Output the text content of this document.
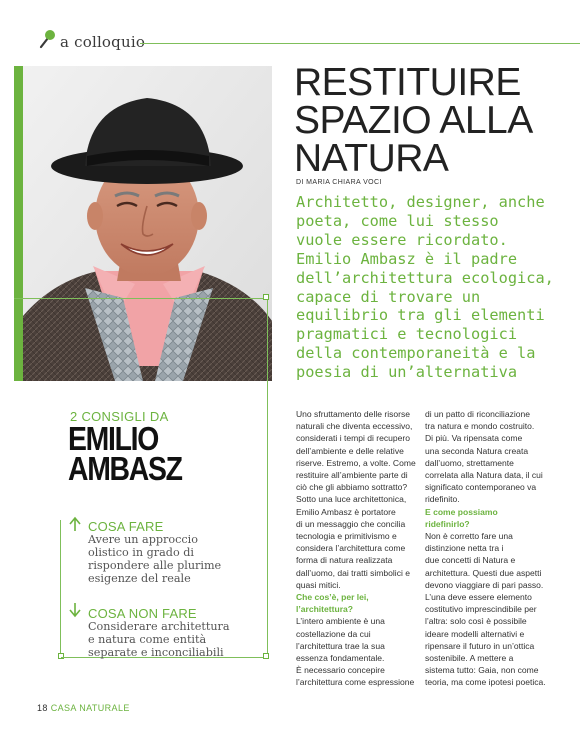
a colloquio
RESTITUIRE
SPAZIO ALLA
NATURA
DI MARIA CHIARA VOCI
Architetto, designer, anche
poeta, come lui stesso
vuole essere ricordato.
Emilio Ambasz è il padre
dell’architettura ecologica,
capace di trovare un
equilibrio tra gli elementi
pragmatici e tecnologici
della contemporaneità e la
poesia di un’alternativa
2 CONSIGLI DA
EMILIO
AMBASZ
COSA FARE
Avere un approccio
olistico in grado di
rispondere alle plurime
esigenze del reale
COSA NON FARE
Considerare architettura
e natura come entità
separate e inconciliabili

Uno sfruttamento delle risorse
naturali che diventa eccessivo,
considerati i tempi di recupero
dell’ambiente e delle relative
riserve. Estremo, a volte. Come
restituire all’ambiente parte di
ciò che gli abbiamo sottratto?
Sotto una luce architettonica,
Emilio Ambasz è portatore
di un messaggio che concilia
tecnologia e primitivismo e
considera l’architettura come
forma di natura realizzata
dall’uomo, dai tratti simbolici e
quasi mitici.

Che cos’è, per lei,
l’architettura?

L’intero ambiente è una
costellazione da cui
l’architettura trae la sua
essenza fondamentale.
È necessario concepire
l’architettura come espressione

di un patto di riconciliazione
tra natura e mondo costruito.
Di più. Va ripensata come
una seconda Natura creata
dall’uomo, strettamente
correlata alla Natura data, il cui
significato contemporaneo va
ridefinito.

E come possiamo
ridefinirlo?

Non è corretto fare una
distinzione netta tra i
due concetti di Natura e
architettura. Questi due aspetti
devono viaggiare di pari passo.
L’una deve essere elemento
costitutivo imprescindibile per
l’altra: solo così è possibile
ideare modelli alternativi e
ripensare il futuro in un’ottica
sostenibile. A mettere a
sistema tutto: Gaia, non come
teoria, ma come ipotesi poetica.

18 CASA NATURALE
